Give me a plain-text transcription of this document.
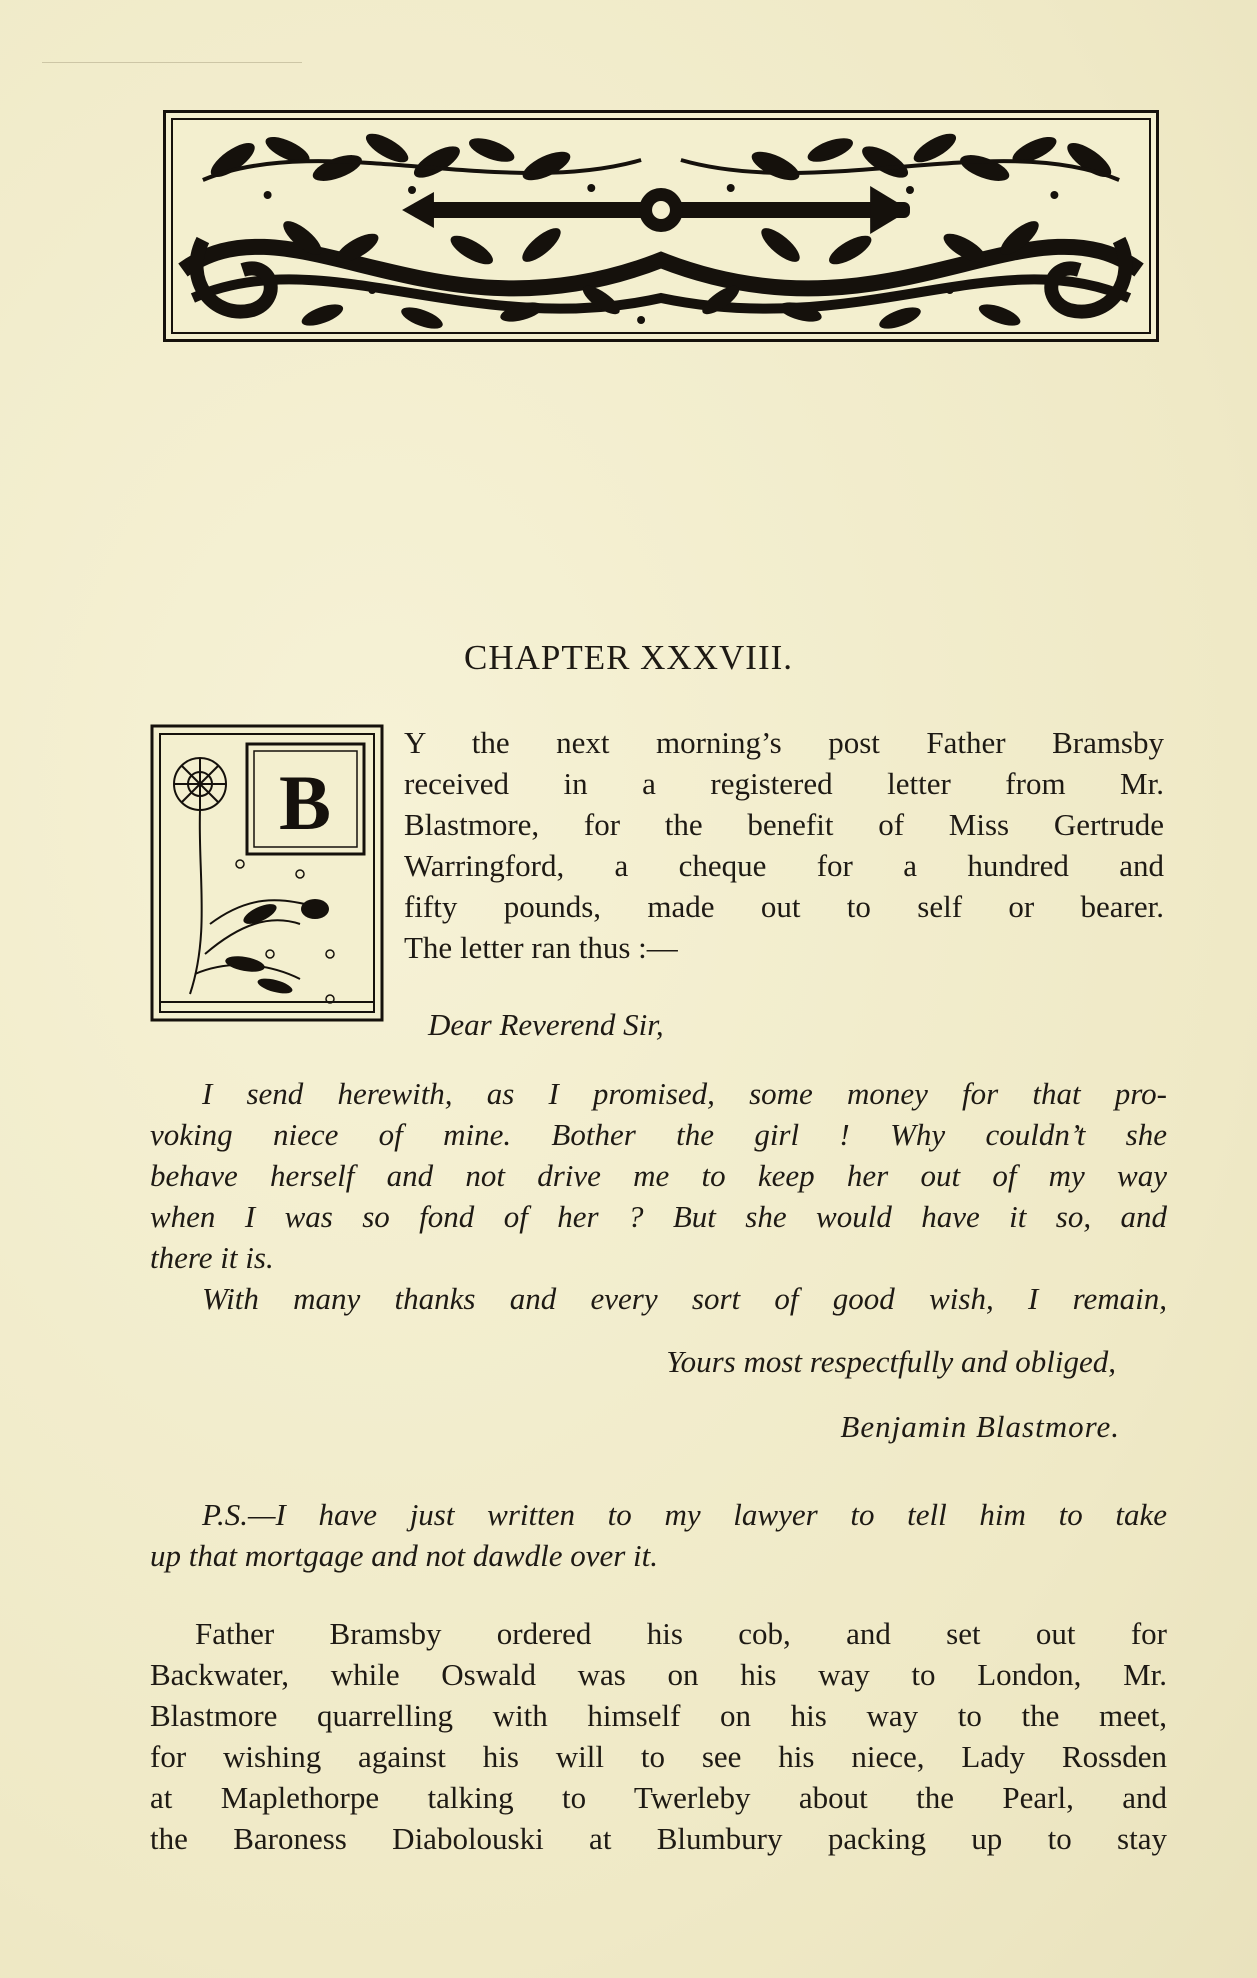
CHAPTER XXXVIII.
B
Y the next morning’s post Father Bramsby
received in a registered letter from Mr.
Blastmore, for the benefit of Miss Gertrude
Warringford, a cheque for a hundred and
fifty pounds, made out to self or bearer.
The letter ran thus :—
Dear Reverend Sir,
I send herewith, as I promised, some money for that pro-
voking niece of mine. Bother the girl ! Why couldn’t she
behave herself and not drive me to keep her out of my way
when I was so fond of her ? But she would have it so, and
there it is.
With many thanks and every sort of good wish, I remain,
Yours most respectfully and obliged,
Benjamin Blastmore.
P.S.—I have just written to my lawyer to tell him to take
up that mortgage and not dawdle over it.
Father Bramsby ordered his cob, and set out for
Backwater, while Oswald was on his way to London, Mr.
Blastmore quarrelling with himself on his way to the meet,
for wishing against his will to see his niece, Lady Rossden
at Maplethorpe talking to Twerleby about the Pearl, and
the Baroness Diabolouski at Blumbury packing up to stay
